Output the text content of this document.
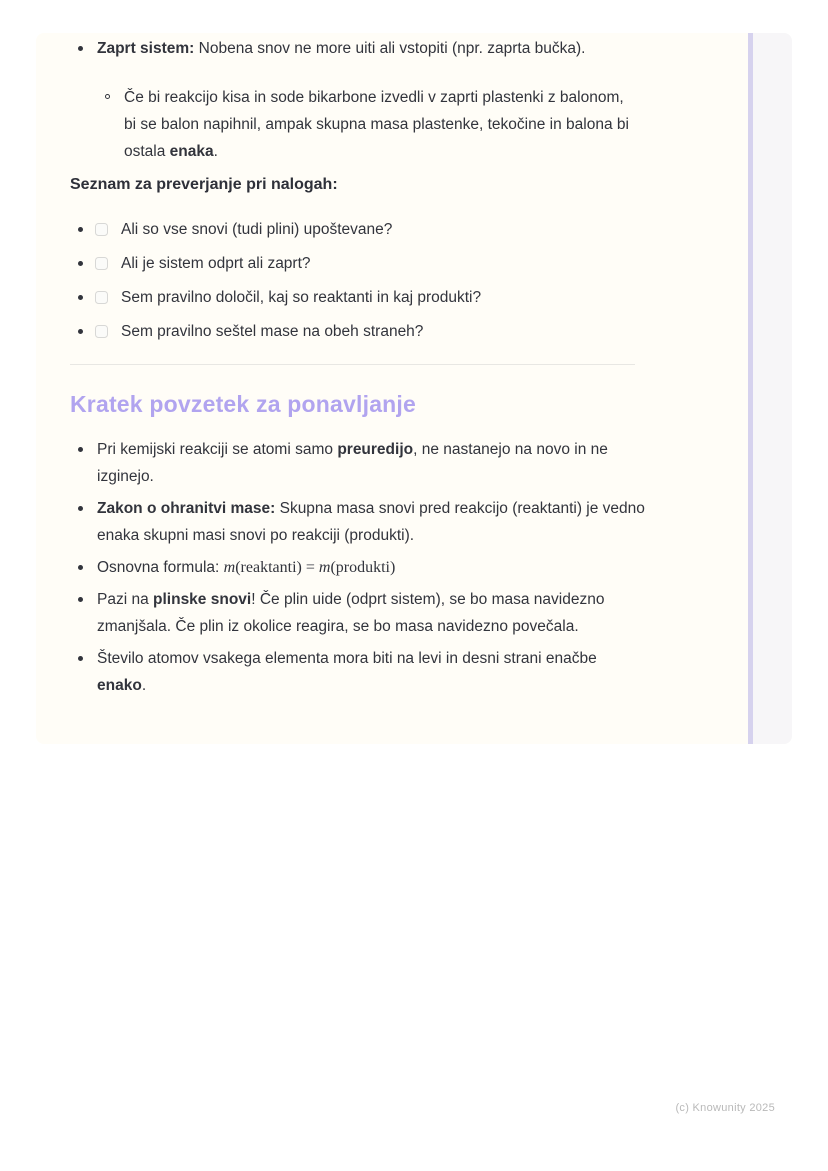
Zaprt sistem: Nobena snov ne more uiti ali vstopiti (npr. zaprta bučka).
Če bi reakcijo kisa in sode bikarbone izvedli v zaprti plastenki z balonom, bi se balon napihnil, ampak skupna masa plastenke, tekočine in balona bi ostala enaka.
Seznam za preverjanje pri nalogah:
Ali so vse snovi (tudi plini) upoštevane?
Ali je sistem odprt ali zaprt?
Sem pravilno določil, kaj so reaktanti in kaj produkti?
Sem pravilno seštel mase na obeh straneh?
Kratek povzetek za ponavljanje
Pri kemijski reakciji se atomi samo preuredijo, ne nastanejo na novo in ne izginejo.
Zakon o ohranitvi mase: Skupna masa snovi pred reakcijo (reaktanti) je vedno enaka skupni masi snovi po reakciji (produkti).
Osnovna formula: m(reaktanti) = m(produkti)
Pazi na plinske snovi! Če plin uide (odprt sistem), se bo masa navidezno zmanjšala. Če plin iz okolice reagira, se bo masa navidezno povečala.
Število atomov vsakega elementa mora biti na levi in desni strani enačbe enako.
(c) Knowunity 2025
